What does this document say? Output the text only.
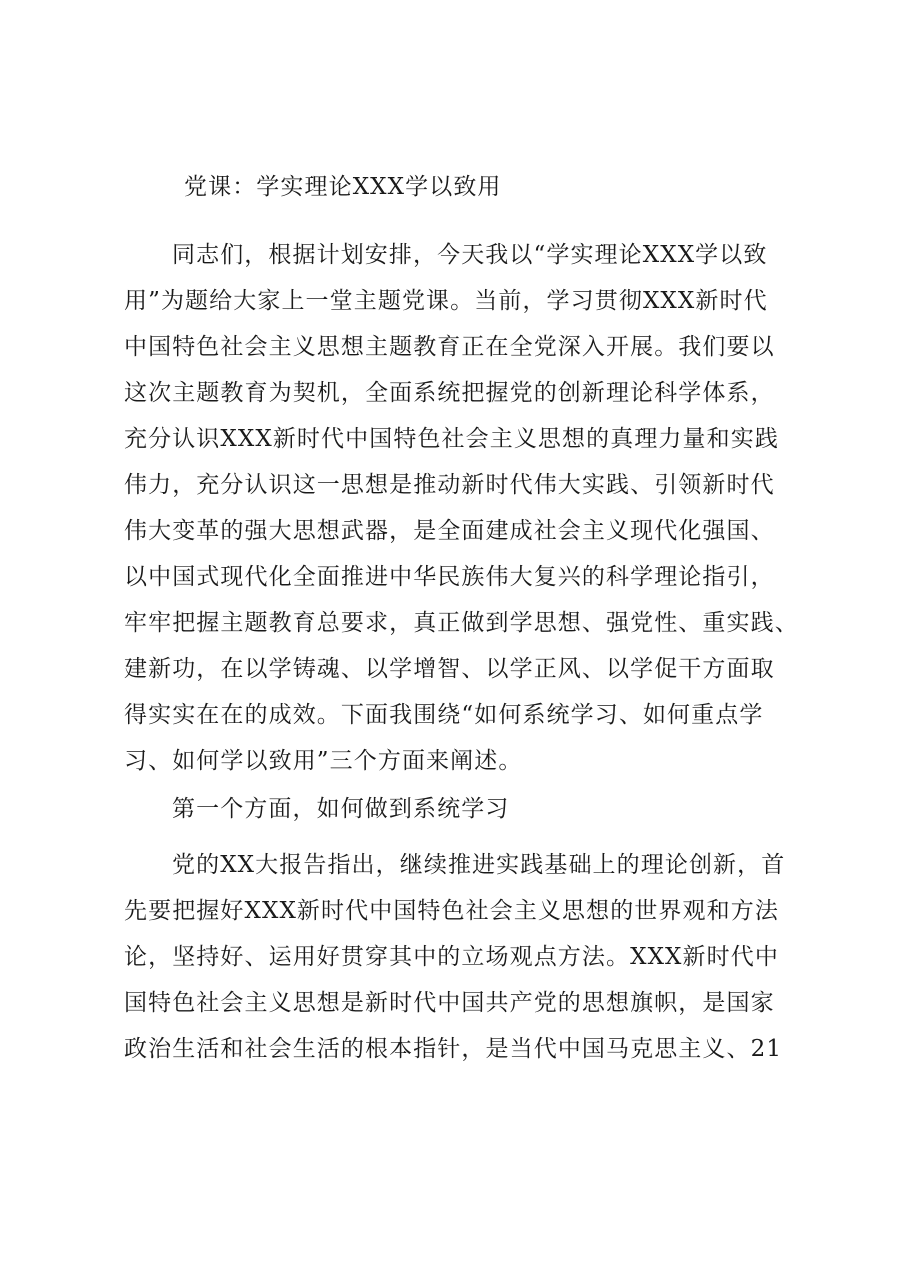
党课：学实理论XXX学以致用
同志们，根据计划安排，今天我以“学实理论XXX学以致
用”为题给大家上一堂主题党课。当前，学习贯彻XXX新时代
中国特色社会主义思想主题教育正在全党深入开展。我们要以
这次主题教育为契机，全面系统把握党的创新理论科学体系，
充分认识XXX新时代中国特色社会主义思想的真理力量和实践
伟力，充分认识这一思想是推动新时代伟大实践、引领新时代
伟大变革的强大思想武器，是全面建成社会主义现代化强国、
以中国式现代化全面推进中华民族伟大复兴的科学理论指引，
牢牢把握主题教育总要求，真正做到学思想、强党性、重实践、
建新功，在以学铸魂、以学增智、以学正风、以学促干方面取
得实实在在的成效。下面我围绕“如何系统学习、如何重点学
习、如何学以致用”三个方面来阐述。
第一个方面，如何做到系统学习
党的XX大报告指出，继续推进实践基础上的理论创新，首
先要把握好XXX新时代中国特色社会主义思想的世界观和方法
论，坚持好、运用好贯穿其中的立场观点方法。XXX新时代中
国特色社会主义思想是新时代中国共产党的思想旗帜，是国家
政治生活和社会生活的根本指针，是当代中国马克思主义、21
